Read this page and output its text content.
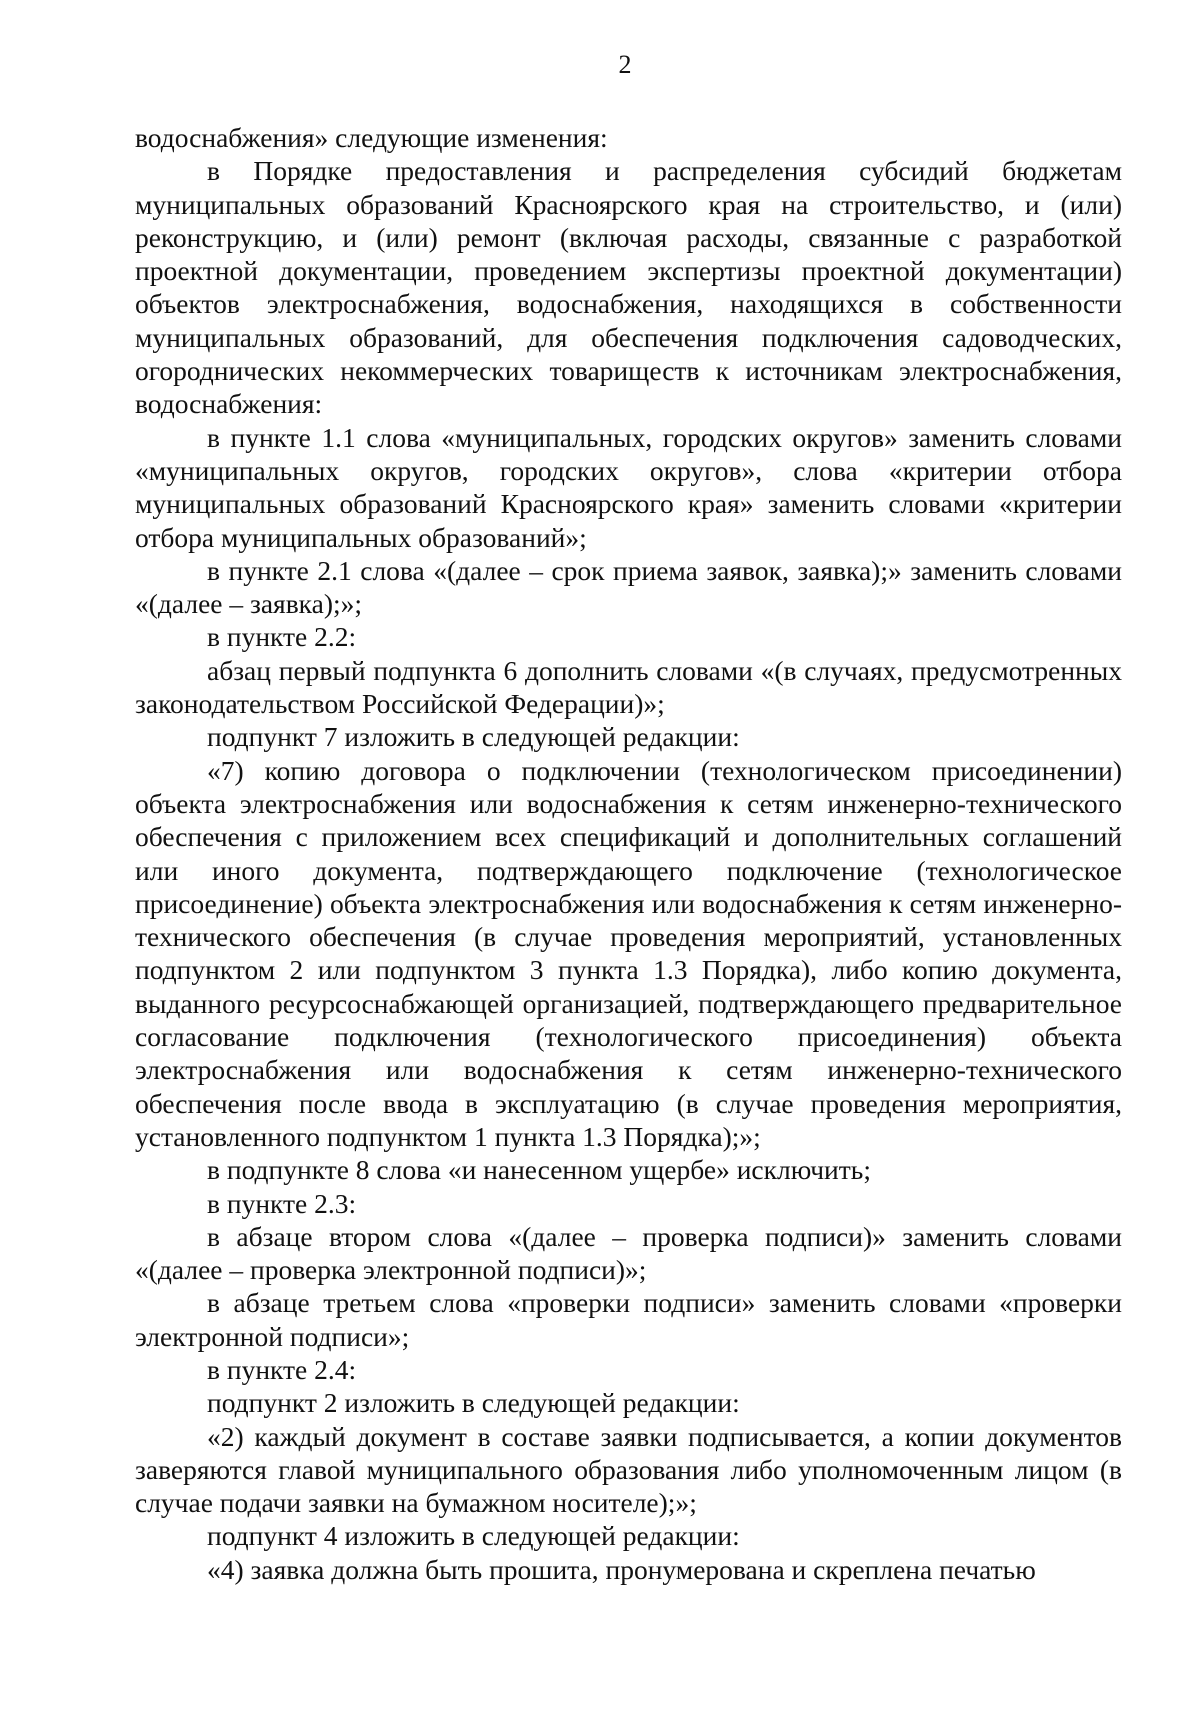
2

водоснабжения» следующие изменения:

в Порядке предоставления и распределения субсидий бюджетам муниципальных образований Красноярского края на строительство, и (или) реконструкцию, и (или) ремонт (включая расходы, связанные с разработкой проектной документации, проведением экспертизы проектной документации) объектов электроснабжения, водоснабжения, находящихся в собственности муниципальных образований, для обеспечения подключения садоводческих, огороднических некоммерческих товариществ к источникам электроснабжения, водоснабжения:

в пункте 1.1 слова «муниципальных, городских округов» заменить словами «муниципальных округов, городских округов», слова «критерии отбора муниципальных образований Красноярского края» заменить словами «критерии отбора муниципальных образований»;

в пункте 2.1 слова «(далее – срок приема заявок, заявка);» заменить словами «(далее – заявка);»;

в пункте 2.2:

абзац первый подпункта 6 дополнить словами «(в случаях, предусмотренных законодательством Российской Федерации)»;

подпункт 7 изложить в следующей редакции:

«7) копию договора о подключении (технологическом присоединении) объекта электроснабжения или водоснабжения к сетям инженерно-технического обеспечения с приложением всех спецификаций и дополнительных соглашений или иного документа, подтверждающего подключение (технологическое присоединение) объекта электроснабжения или водоснабжения к сетям инженерно-технического обеспечения (в случае проведения мероприятий, установленных подпунктом 2 или подпунктом 3 пункта 1.3 Порядка), либо копию документа, выданного ресурсоснабжающей организацией, подтверждающего предварительное согласование подключения (технологического присоединения) объекта электроснабжения или водоснабжения к сетям инженерно-технического обеспечения после ввода в эксплуатацию (в случае проведения мероприятия, установленного подпунктом 1 пункта 1.3 Порядка);»;

в подпункте 8 слова «и нанесенном ущербе» исключить;

в пункте 2.3:

в абзаце втором слова «(далее – проверка подписи)» заменить словами «(далее – проверка электронной подписи)»;

в абзаце третьем слова «проверки подписи» заменить словами «проверки электронной подписи»;

в пункте 2.4:

подпункт 2 изложить в следующей редакции:

«2) каждый документ в составе заявки подписывается, а копии документов заверяются главой муниципального образования либо уполномоченным лицом (в случае подачи заявки на бумажном носителе);»;

подпункт 4 изложить в следующей редакции:

«4) заявка должна быть прошита, пронумерована и скреплена печатью
